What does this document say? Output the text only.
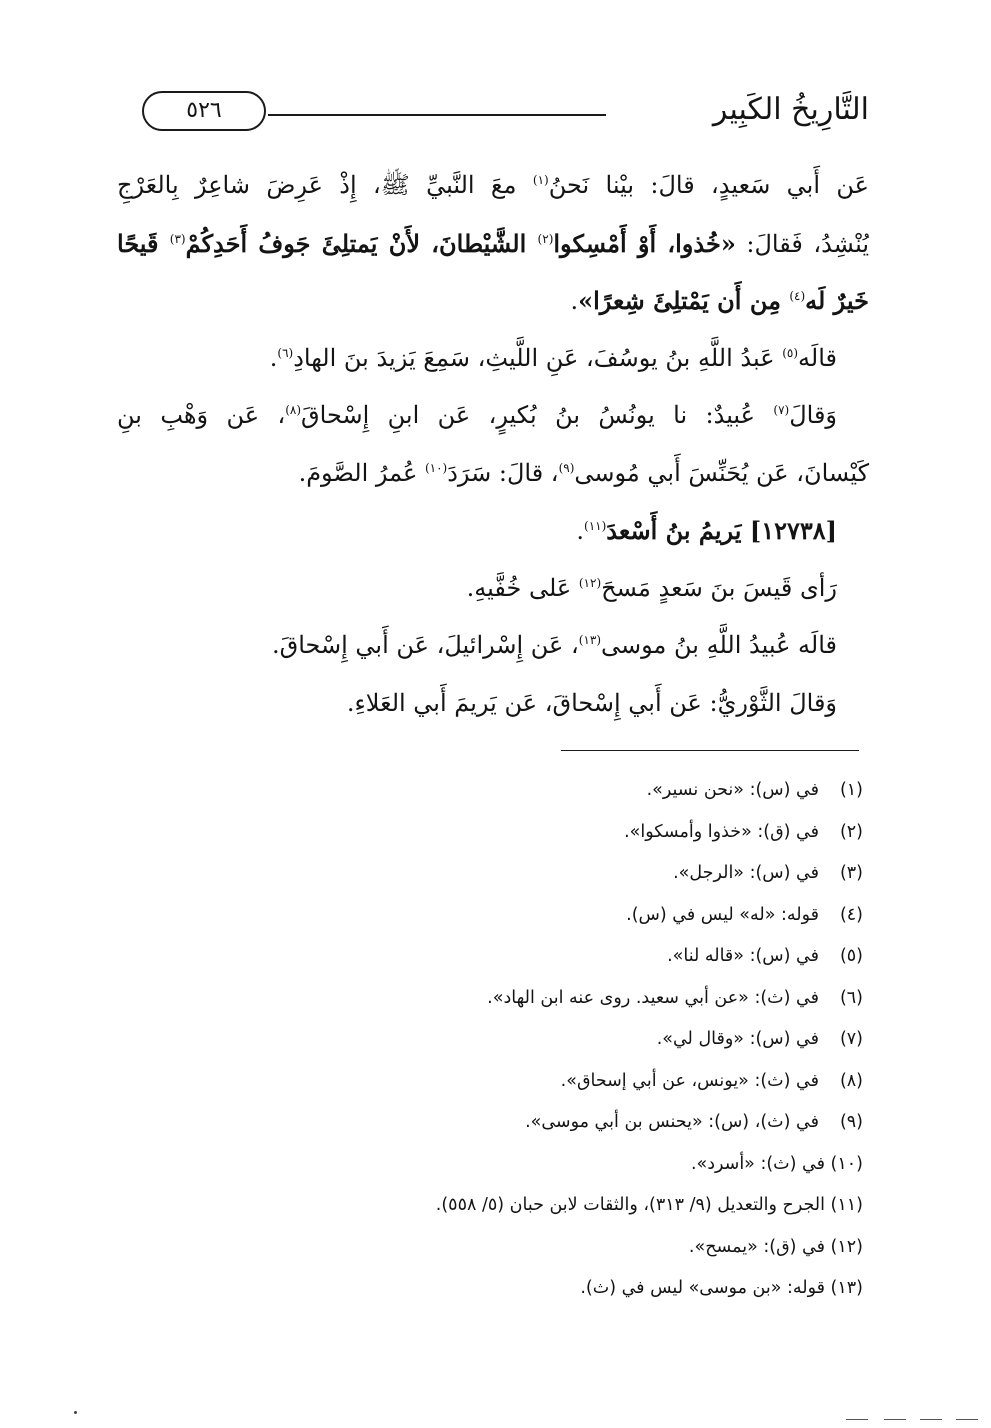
التَّارِيخُ الكَبِير
٥٢٦
عَن أَبي سَعيدٍ، قالَ: بيْنا نَحنُ$^{(١)}$ معَ النَّبيِّ ﷺ، إِذْ عَرِضَ شاعِرٌ بِالعَرْجِ
يُنْشِدُ، فَقالَ: «خُذوا، أَوْ أَمْسِكوا$^{(٢)}$ الشَّيْطانَ، لأَنْ يَمتلِئَ جَوفُ أَحَدِكُمْ$^{(٣)}$ قَيحًا
خَيرٌ لَه$^{(٤)}$ مِن أَن يَمْتلِئَ شِعرًا».
قالَه$^{(٥)}$ عَبدُ اللَّهِ بنُ يوسُفَ، عَنِ اللَّيثِ، سَمِعَ يَزيدَ بنَ الهادِ$^{(٦)}$.
وَقالَ$^{(٧)}$ عُبيدٌ: نا يونُسُ بنُ بُكيرٍ، عَن ابنِ إِسْحاقَ$^{(٨)}$، عَن وَهْبِ بنِ
كَيْسانَ، عَن يُحَنِّسَ أَبي مُوسى$^{(٩)}$، قالَ: سَرَدَ$^{(١٠)}$ عُمرُ الصَّومَ.
[١٢٧٣٨] يَريمُ بنُ أَسْعدَ$^{(١١)}$.
رَأى قَيسَ بنَ سَعدٍ مَسحَ$^{(١٢)}$ عَلى خُفَّيهِ.
قالَه عُبيدُ اللَّهِ بنُ موسى$^{(١٣)}$، عَن إِسْرائيلَ، عَن أَبي إِسْحاقَ.
وَقالَ الثَّوْريُّ: عَن أَبي إِسْحاقَ، عَن يَريمَ أَبي العَلاءِ.
(١)في (س): «نحن نسير».
(٢)في (ق): «خذوا وأمسكوا».
(٣)في (س): «الرجل».
(٤)قوله: «له» ليس في (س).
(٥)في (س): «قاله لنا».
(٦)في (ث): «عن أبي سعيد. روى عنه ابن الهاد».
(٧)في (س): «وقال لي».
(٨)في (ث): «يونس، عن أبي إسحاق».
(٩)في (ث)، (س): «يحنس بن أبي موسى».
(١٠)في (ث): «أسرد».
(١١)الجرح والتعديل (٩/ ٣١٣)، والثقات لابن حبان (٥/ ٥٥٨).
(١٢)في (ق): «يمسح».
(١٣)قوله: «بن موسى» ليس في (ث).
